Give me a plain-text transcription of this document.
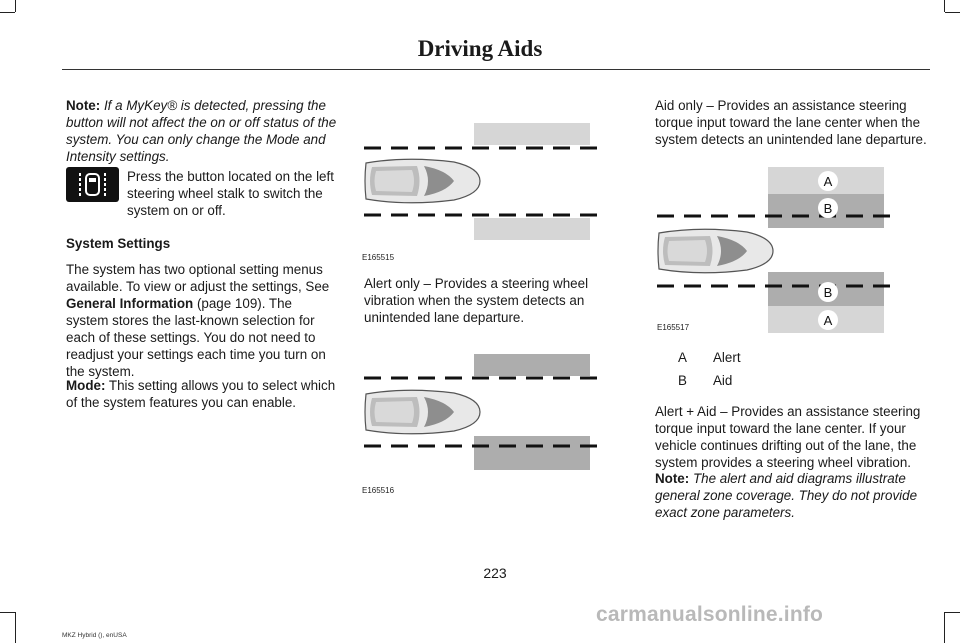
Driving Aids
Note: If a MyKey® is detected, pressing the button will not affect the on or off status of the system. You can only change the Mode and Intensity settings.
Press the button located on the left steering wheel stalk to switch the system on or off.
System Settings
The system has two optional setting menus available. To view or adjust the settings, See General Information (page 109). The system stores the last-known selection for each of these settings. You do not need to readjust your settings each time you turn on the system.
Mode: This setting allows you to select which of the system features you can enable.
E165515
Alert only – Provides a steering wheel vibration when the system detects an unintended lane departure.
E165516
Aid only – Provides an assistance steering torque input toward the lane center when the system detects an unintended lane departure.
A
B
B
A
E165517
A Alert
B Aid
Alert + Aid – Provides an assistance steering torque input toward the lane center. If your vehicle continues drifting out of the lane, the system provides a steering wheel vibration.
Note: The alert and aid diagrams illustrate general zone coverage. They do not provide exact zone parameters.
223
MKZ Hybrid (), enUSA
carmanualsonline.info
